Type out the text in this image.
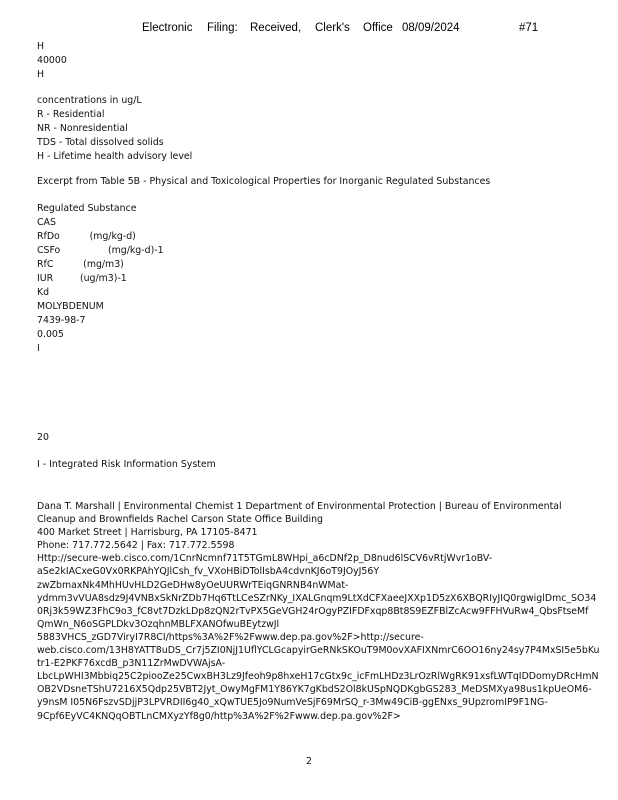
Electronic Filing: Received, Clerk's Office 08/09/2024	#71
H
40000
H
concentrations in ug/L
R - Residential
NR - Nonresidential
TDS - Total dissolved solids
H - Lifetime health advisory level
Excerpt from Table 5B - Physical and Toxicological Properties for Inorganic Regulated Substances
Regulated Substance
CAS
RfDo          (mg/kg-d)
CSFo                (mg/kg-d)-1
RfC          (mg/m3)
IUR         (ug/m3)-1
Kd
MOLYBDENUM
7439-98-7
0.005
I
20
I - Integrated Risk Information System
Dana T. Marshall | Environmental Chemist 1 Department of Environmental Protection | Bureau of Environmental
Cleanup and Brownfields Rachel Carson State Office Building
400 Market Street | Harrisburg, PA 17105-8471
Phone: 717.772.5642 | Fax: 717.772.5598
Http://secure-web.cisco.com/1CnrNcmnf71T5TGmL8WHpi_a6cDNf2p_D8nud6lSCV6vRtjWvr1oBV-
aSe2kIACxeG0Vx0RKPAhYQJlCsh_fv_VXoHBiDTolIsbA4cdvnKJ6oT9JOyJ56Y
zwZbmaxNk4MhHUvHLD2GeDHw8yOeUURWrTEiqGNRNB4nWMat-
ydmm3vVUA8sdz9J4VNBxSkNrZDb7Hq6TtLCeSZrNKy_IXALGnqm9LtXdCFXaeeJXXp1D5zX6XBQRIyJIQ0rgwiglDmc_SO34
0Rj3k59WZ3FhC9o3_fC8vt7DzkLDp8zQN2rTvPX5GeVGH24rOgyPZIFDFxqp8Bt8S9EZFBlZcAcw9FFHVuRw4_QbsFtseMf
QmWn_N6oSGPLDkv3OzqhnMBLFXANOfwuBEytzwJl
5883VHCS_zGD7ViryI7R8CI/https%3A%2F%2Fwww.dep.pa.gov%2F>http://secure-
web.cisco.com/13H8YATT8uDS_Cr7j5ZI0NjJ1UflYCLGcapyirGeRNkSKOuT9M0ovXAFIXNmrC6OO16ny24sy7P4MxSI5e5bKu
tr1-E2PKF76xcdB_p3N11ZrMwDVWAjsA-
LbcLpWHI3Mbbiq25C2piooZe25CwxBH3Lz9Jfeoh9p8hxeH17cGtx9c_icFmLHDz3LrOzRlWgRK91xsfLWTqIDDomyDRcHmN
OB2VDsneTShU7216X5Qdp25VBT2Jyt_OwyMgFM1Y86YK7gKbdS2Ol8kUSpNQDKgbGS283_MeDSMXya98us1kpUeOM6-
y9nsM I05N6FszvSDjjP3LPVRDII6g40_xQwTUE5Jo9NumVeSjF69MrSQ_r-3Mw49CiB-ggENxs_9UpzromIP9F1NG-
9Cpf6EyVC4KNQqOBTLnCMXyzYf8g0/http%3A%2F%2Fwww.dep.pa.gov%2F>
2
